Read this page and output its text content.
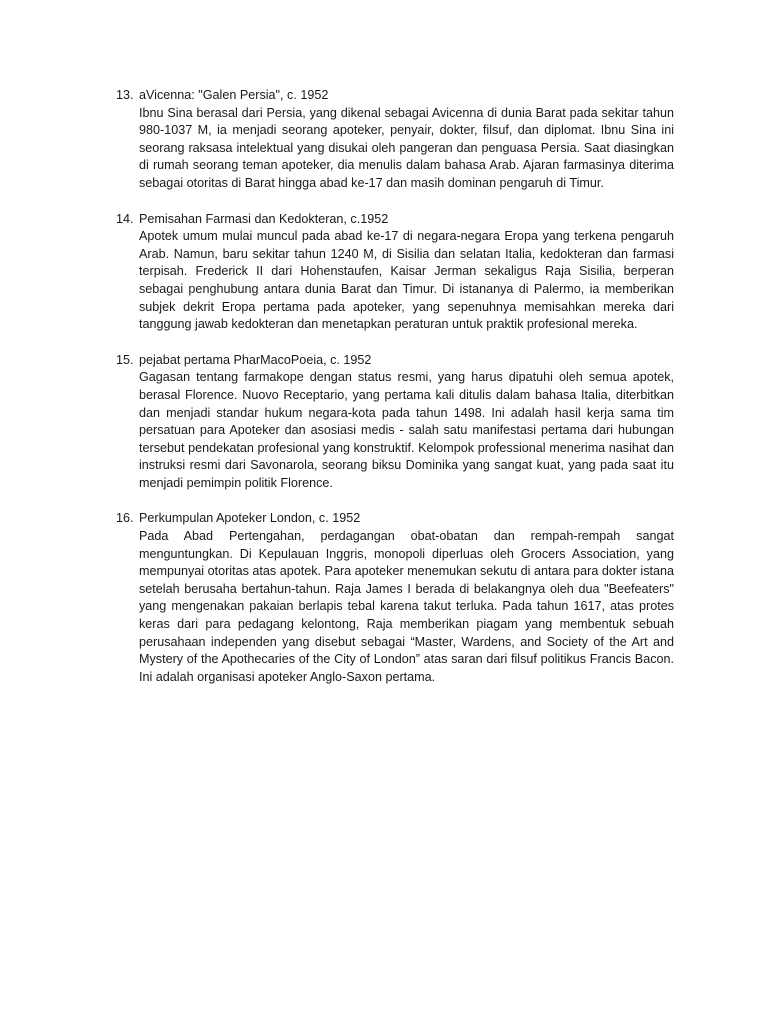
13. aVicenna: "Galen Persia", c. 1952

Ibnu Sina berasal dari Persia, yang dikenal sebagai Avicenna di dunia Barat pada sekitar tahun 980-1037 M, ia menjadi seorang apoteker, penyair, dokter, filsuf, dan diplomat. Ibnu Sina ini seorang raksasa intelektual yang disukai oleh pangeran dan penguasa Persia. Saat diasingkan di rumah seorang teman apoteker, dia menulis dalam bahasa Arab. Ajaran farmasinya diterima sebagai otoritas di Barat hingga abad ke-17 dan masih dominan pengaruh di Timur.

14. Pemisahan Farmasi dan Kedokteran, c.1952

Apotek umum mulai muncul pada abad ke-17 di negara-negara Eropa yang terkena pengaruh Arab. Namun, baru sekitar tahun 1240 M, di Sisilia dan selatan Italia, kedokteran dan farmasi terpisah. Frederick II dari Hohenstaufen, Kaisar Jerman sekaligus Raja Sisilia, berperan sebagai penghubung antara dunia Barat dan Timur. Di istananya di Palermo, ia memberikan subjek dekrit Eropa pertama pada apoteker, yang sepenuhnya memisahkan mereka dari tanggung jawab kedokteran dan menetapkan peraturan untuk praktik profesional mereka.

15. pejabat pertama PharMacoPoeia, c. 1952

Gagasan tentang farmakope dengan status resmi, yang harus dipatuhi oleh semua apotek, berasal Florence. Nuovo Receptario, yang pertama kali ditulis dalam bahasa Italia, diterbitkan dan menjadi standar hukum negara-kota pada tahun 1498. Ini adalah hasil kerja sama tim persatuan para Apoteker dan asosiasi medis - salah satu manifestasi pertama dari hubungan tersebut pendekatan profesional yang konstruktif. Kelompok professional menerima nasihat dan instruksi resmi dari Savonarola, seorang biksu Dominika yang sangat kuat, yang pada saat itu menjadi pemimpin politik Florence.

16. Perkumpulan Apoteker London, c. 1952

Pada Abad Pertengahan, perdagangan obat-obatan dan rempah-rempah sangat menguntungkan. Di Kepulauan Inggris, monopoli diperluas oleh Grocers Association, yang mempunyai otoritas atas apotek. Para apoteker menemukan sekutu di antara para dokter istana setelah berusaha bertahun-tahun. Raja James I berada di belakangnya oleh dua "Beefeaters" yang mengenakan pakaian berlapis tebal karena takut terluka. Pada tahun 1617, atas protes keras dari para pedagang kelontong, Raja memberikan piagam yang membentuk sebuah perusahaan independen yang disebut sebagai “Master, Wardens, and Society of the Art and Mystery of the Apothecaries of the City of London” atas saran dari filsuf politikus Francis Bacon. Ini adalah organisasi apoteker Anglo-Saxon pertama.
